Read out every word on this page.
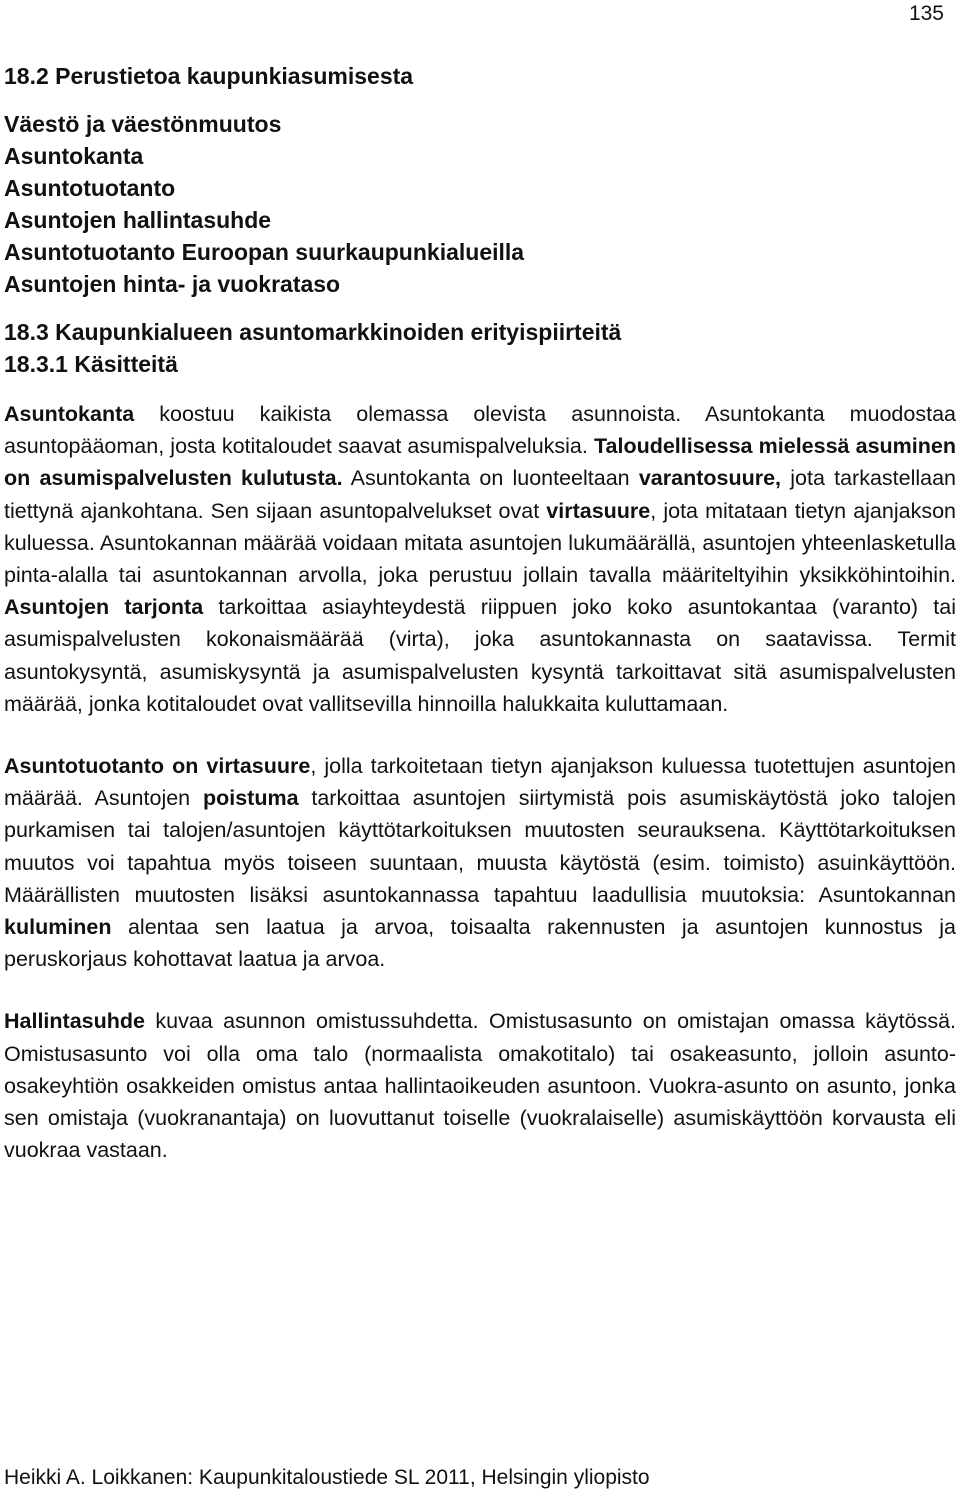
135
18.2 Perustietoa kaupunkiasumisesta
Väestö ja väestönmuutos
Asuntokanta
Asuntotuotanto
Asuntojen hallintasuhde
Asuntotuotanto Euroopan suurkaupunkialueilla
Asuntojen hinta- ja vuokrataso
18.3 Kaupunkialueen asuntomarkkinoiden erityispiirteitä
18.3.1 Käsitteitä

Asuntokanta koostuu kaikista olemassa olevista asunnoista. Asuntokanta muodostaa asuntopääoman, josta kotitaloudet saavat asumispalveluksia. Taloudellisessa mielessä asuminen on asumispalvelusten kulutusta. Asuntokanta on luonteeltaan varantosuure, jota tarkastellaan tiettynä ajankohtana. Sen sijaan asuntopalvelukset ovat virtasuure, jota mitataan tietyn ajanjakson kuluessa. Asuntokannan määrää voidaan mitata asuntojen lukumäärällä, asuntojen yhteenlasketulla pinta-alalla tai asuntokannan arvolla, joka perustuu jollain tavalla määriteltyihin yksikköhintoihin. Asuntojen tarjonta tarkoittaa asiayhteydestä riippuen joko koko asuntokantaa (varanto) tai asumispalvelusten kokonaismäärää (virta), joka asuntokannasta on saatavissa. Termit asuntokysyntä, asumiskysyntä ja asumispalvelusten kysyntä tarkoittavat sitä asumispalvelusten määrää, jonka kotitaloudet ovat vallitsevilla hinnoilla halukkaita kuluttamaan.

Asuntotuotanto on virtasuure, jolla tarkoitetaan tietyn ajanjakson kuluessa tuotettujen asuntojen määrää. Asuntojen poistuma tarkoittaa asuntojen siirtymistä pois asumiskäytöstä joko talojen purkamisen tai talojen/asuntojen käyttötarkoituksen muutosten seurauksena. Käyttötarkoituksen muutos voi tapahtua myös toiseen suuntaan, muusta käytöstä (esim. toimisto) asuinkäyttöön. Määrällisten muutosten lisäksi asuntokannassa tapahtuu laadullisia muutoksia: Asuntokannan kuluminen alentaa sen laatua ja arvoa, toisaalta rakennusten ja asuntojen kunnostus ja peruskorjaus kohottavat laatua ja arvoa.

Hallintasuhde kuvaa asunnon omistussuhdetta. Omistusasunto on omistajan omassa käytössä. Omistusasunto voi olla oma talo (normaalista omakotitalo) tai osakeasunto, jolloin asunto-osakeyhtiön osakkeiden omistus antaa hallintaoikeuden asuntoon. Vuokra-asunto on asunto, jonka sen omistaja (vuokranantaja) on luovuttanut toiselle (vuokralaiselle) asumiskäyttöön korvausta eli vuokraa vastaan.

Heikki A. Loikkanen: Kaupunkitaloustiede SL 2011, Helsingin yliopisto
